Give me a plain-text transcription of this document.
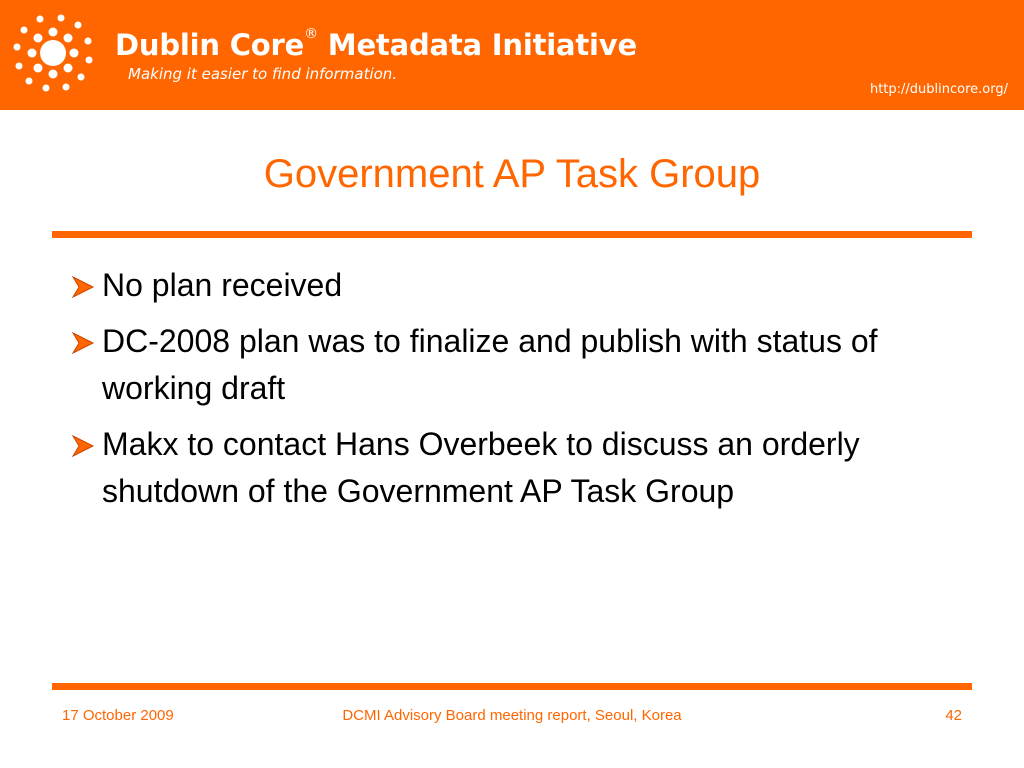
Dublin Core® Metadata Initiative
Making it easier to find information.
http://dublincore.org/
Government AP Task Group
No plan received
DC-2008 plan was to finalize and publish with status of working draft
Makx to contact Hans Overbeek to discuss an orderly shutdown of the Government AP Task Group
17 October 2009	DCMI Advisory Board meeting report, Seoul, Korea	42
